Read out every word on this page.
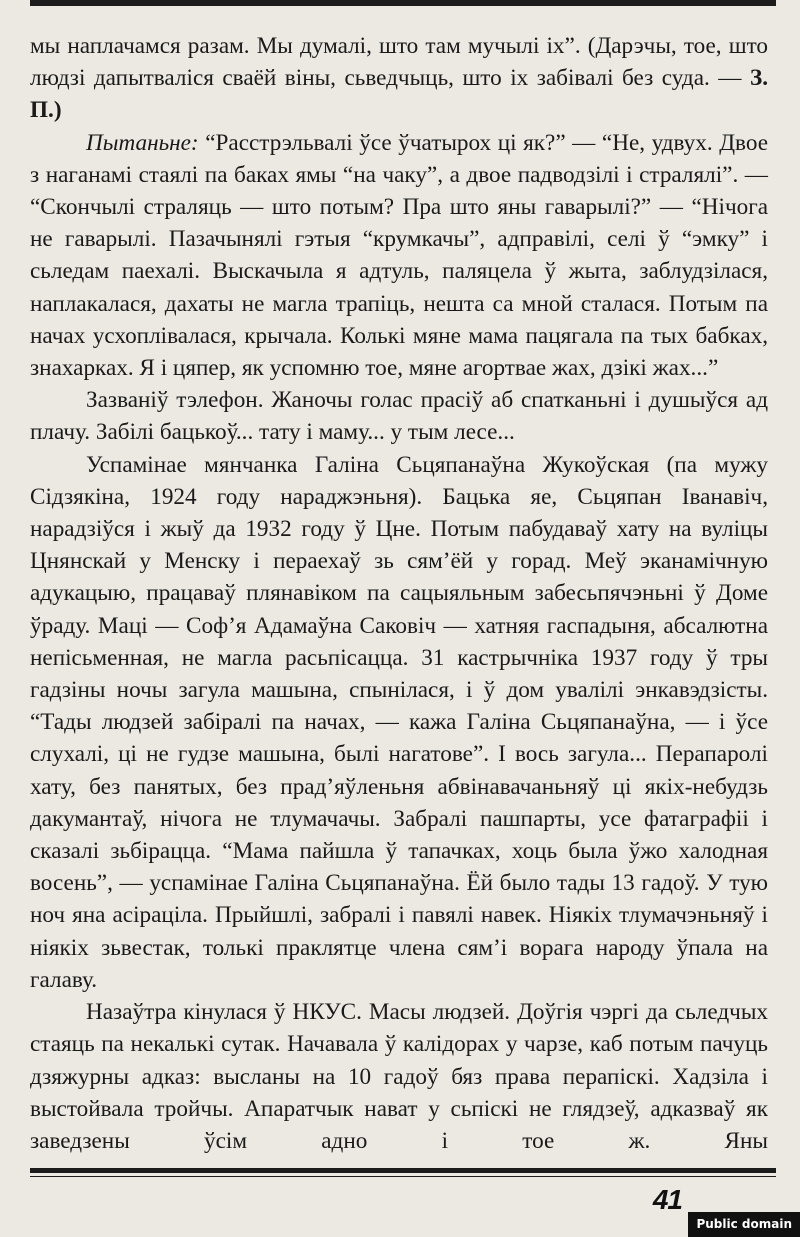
мы наплачамся разам. Мы думалі, што там мучылі іх”. (Дарэчы, тое, што людзі дапытваліся сваёй віны, сьведчыць, што іх забівалі без суда. — З. П.)

Пытаньне: “Расстрэльвалі ўсе ўчатырох ці як?” — “Не, удвух. Двое з наганамі стаялі па баках ямы “на чаку”, а двое падводзілі і стралялі”. — “Скончылі страляць — што потым? Пра што яны гаварылі?” — “Нічога не гаварылі. Пазачынялі гэтыя “крумкачы”, адправілі, селі ў “эмку” і сьледам паехалі. Выскачыла я адтуль, паляцела ў жыта, заблудзілася, наплакалася, дахаты не магла трапіць, нешта са мной сталася. Потым па начах усхоплівалася, крычала. Колькі мяне мама пацягала па тых бабках, знахарках. Я і цяпер, як успомню тое, мяне агортвае жах, дзікі жах...”

Зазваніў тэлефон. Жаночы голас прасіў аб спатканьні і душыўся ад плачу. Забілі бацькоў... тату і маму... у тым лесе...

Успамінае мянчанка Галіна Сьцяпанаўна Жукоўская (па мужу Сідзякіна, 1924 году нараджэньня). Бацька яе, Сьцяпан Іванавіч, нарадзіўся і жыў да 1932 году ў Цне. Потым пабудаваў хату на вуліцы Цнянскай у Менску і пераехаў зь сям’ёй у горад. Меў эканамічную адукацыю, працаваў плянавіком па сацыяльным забесьпячэньні ў Доме ўраду. Маці — Соф’я Адамаўна Саковіч — хатняя гаспадыня, абсалютна непісьменная, не магла расьпісацца. 31 кастрычніка 1937 году ў тры гадзіны ночы загула машына, спынілася, і ў дом увалілі энкавэдзісты. “Тады людзей забіралі па начах, — кажа Галіна Сьцяпанаўна, — і ўсе слухалі, ці не гудзе машына, былі нагатове”. І вось загула... Перапаролі хату, без панятых, без прад’яўленьня абвінавачаньняў ці якіх-небудзь дакумантаў, нічога не тлумачачы. Забралі пашпарты, усе фатаграфіі і сказалі зьбірацца. “Мама пайшла ў тапачках, хоць была ўжо халодная восень”, — успамінае Галіна Сьцяпанаўна. Ёй было тады 13 гадоў. У тую ноч яна асіраціла. Прыйшлі, забралі і павялі навек. Ніякіх тлумачэньняў і ніякіх зьвестак, толькі праклятце члена сям’і ворага народу ўпала на галаву.

Назаўтра кінулася ў НКУС. Масы людзей. Доўгія чэргі да сьледчых стаяць па некалькі сутак. Начавала ў калідорах у чарзе, каб потым пачуць дзяжурны адказ: высланы на 10 гадоў бяз права перапіскі. Хадзіла і выстойвала тройчы. Апаратчык нават у сьпіскі не глядзеў, адказваў як заведзены ўсім адно і тое ж. Яны

41
Public domain
